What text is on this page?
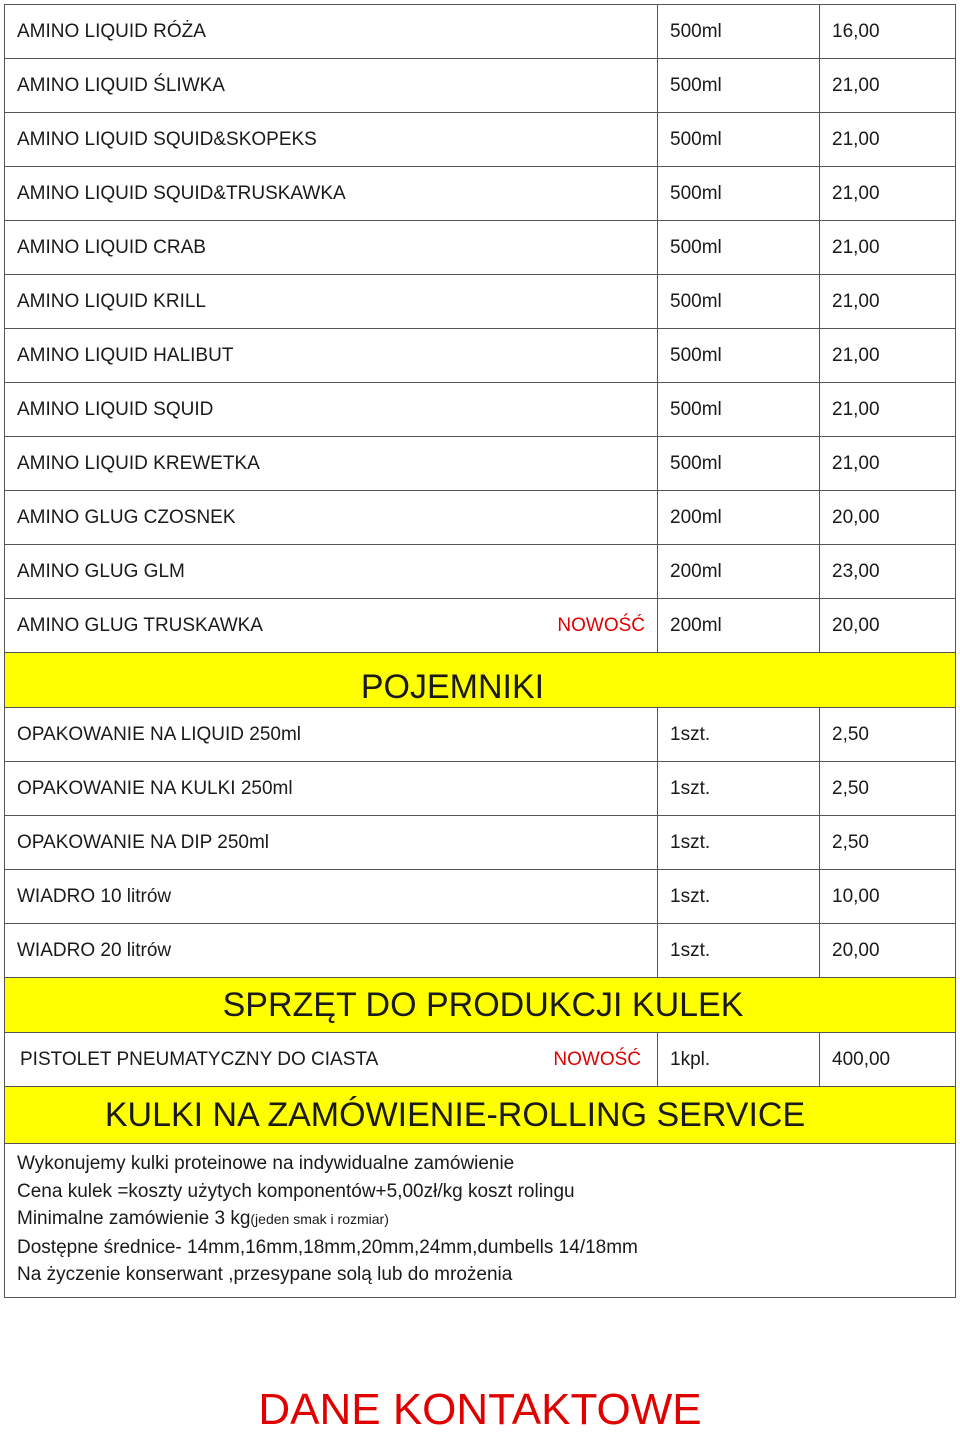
AMINO LIQUID RÓŻA	500ml	16,00
AMINO LIQUID ŚLIWKA	500ml	21,00
AMINO LIQUID SQUID&SKOPEKS	500ml	21,00
AMINO LIQUID SQUID&TRUSKAWKA	500ml	21,00
AMINO LIQUID CRAB	500ml	21,00
AMINO LIQUID KRILL	500ml	21,00
AMINO LIQUID HALIBUT	500ml	21,00
AMINO LIQUID SQUID	500ml	21,00
AMINO LIQUID KREWETKA	500ml	21,00
AMINO GLUG CZOSNEK	200ml	20,00
AMINO GLUG GLM	200ml	23,00
AMINO GLUG TRUSKAWKA NOWOŚĆ	200ml	20,00
POJEMNIKI		
OPAKOWANIE NA LIQUID 250ml	1szt.	2,50
OPAKOWANIE NA KULKI 250ml	1szt.	2,50
OPAKOWANIE NA DIP 250ml	1szt.	2,50
WIADRO 10 litrów	1szt.	10,00
WIADRO 20 litrów	1szt.	20,00
SPRZĘT DO PRODUKCJI KULEK		
PISTOLET PNEUMATYCZNY DO CIASTA NOWOŚĆ	1kpl.	400,00
KULKI NA ZAMÓWIENIE-ROLLING SERVICE		

Wykonujemy kulki proteinowe na indywidualne zamówienie
Cena kulek =koszty użytych komponentów+5,00zł/kg koszt rolingu
Minimalne zamówienie 3 kg(jeden smak i rozmiar)
Dostępne średnice- 14mm,16mm,18mm,20mm,24mm,dumbells 14/18mm
Na życzenie konserwant ,przesypane solą lub do mrożenia		
DANE KONTAKTOWE
